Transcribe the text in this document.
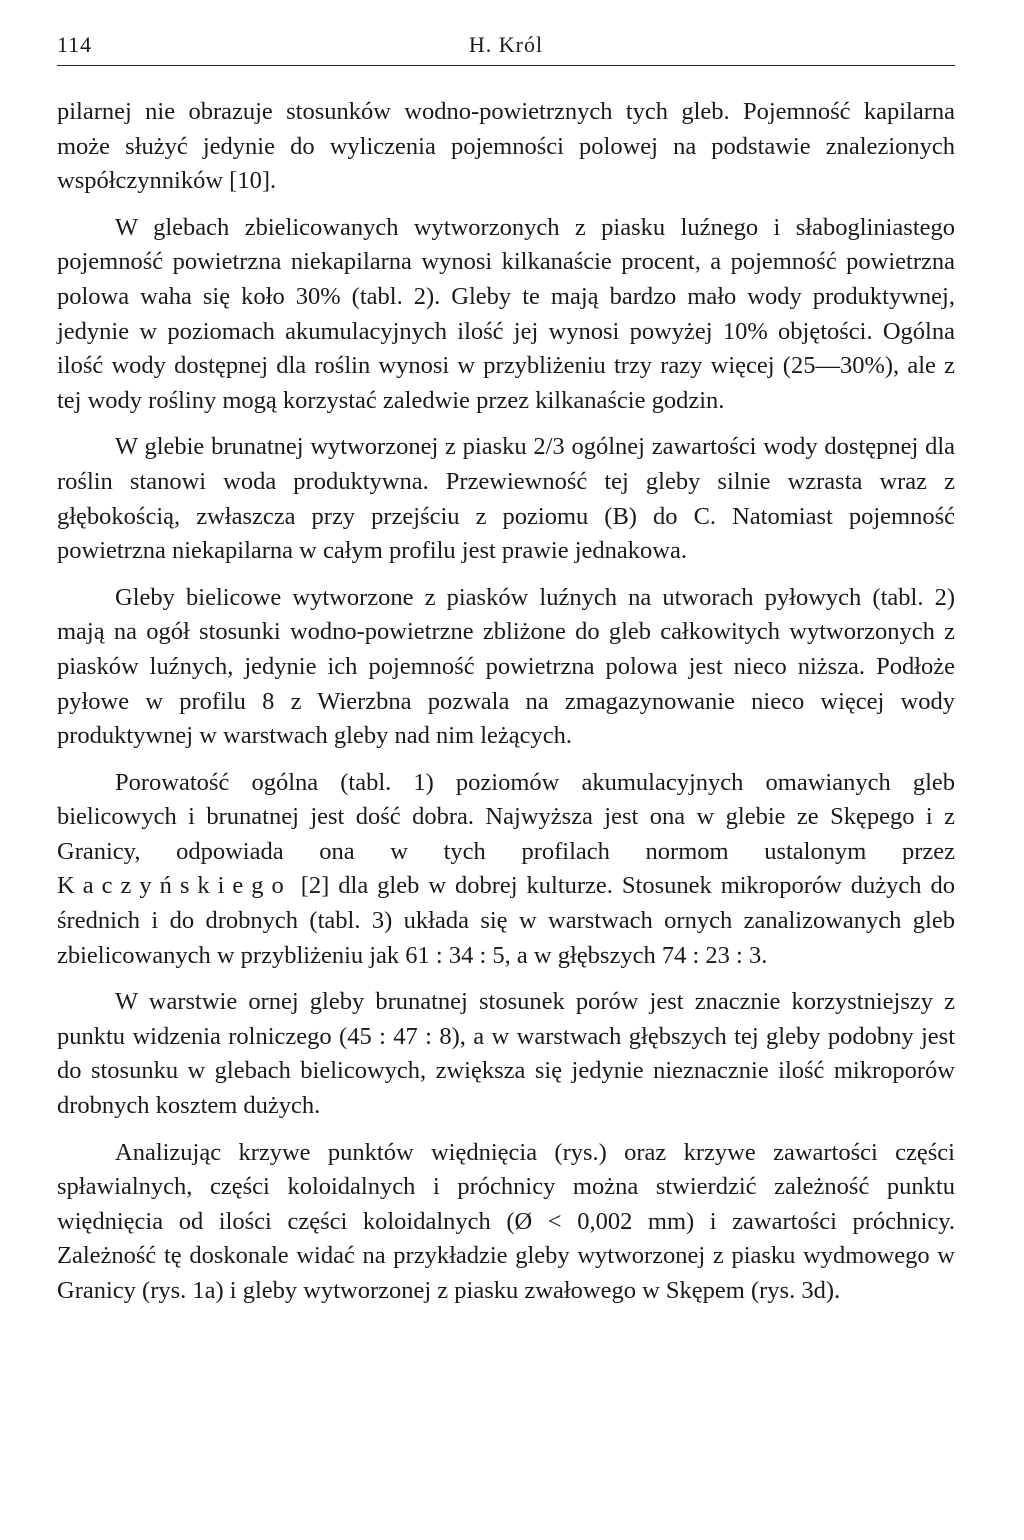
114	H. Król

pilarnej nie obrazuje stosunków wodno-powietrznych tych gleb. Pojemność kapilarna może służyć jedynie do wyliczenia pojemności polowej na podstawie znalezionych współczynników [10].

W glebach zbielicowanych wytworzonych z piasku luźnego i słabogliniastego pojemność powietrzna niekapilarna wynosi kilkanaście procent, a pojemność powietrzna polowa waha się koło 30% (tabl. 2). Gleby te mają bardzo mało wody produktywnej, jedynie w poziomach akumulacyjnych ilość jej wynosi powyżej 10% objętości. Ogólna ilość wody dostępnej dla roślin wynosi w przybliżeniu trzy razy więcej (25—30%), ale z tej wody rośliny mogą korzystać zaledwie przez kilkanaście godzin.

W glebie brunatnej wytworzonej z piasku 2/3 ogólnej zawartości wody dostępnej dla roślin stanowi woda produktywna. Przewiewność tej gleby silnie wzrasta wraz z głębokością, zwłaszcza przy przejściu z poziomu (B) do C. Natomiast pojemność powietrzna niekapilarna w całym profilu jest prawie jednakowa.

Gleby bielicowe wytworzone z piasków luźnych na utworach pyłowych (tabl. 2) mają na ogół stosunki wodno-powietrzne zbliżone do gleb całkowitych wytworzonych z piasków luźnych, jedynie ich pojemność powietrzna polowa jest nieco niższa. Podłoże pyłowe w profilu 8 z Wierzbna pozwala na zmagazynowanie nieco więcej wody produktywnej w warstwach gleby nad nim leżących.

Porowatość ogólna (tabl. 1) poziomów akumulacyjnych omawianych gleb bielicowych i brunatnej jest dość dobra. Najwyższa jest ona w glebie ze Skępego i z Granicy, odpowiada ona w tych profilach normom ustalonym przez Kaczyńskiego [2] dla gleb w dobrej kulturze. Stosunek mikroporów dużych do średnich i do drobnych (tabl. 3) układa się w warstwach ornych zanalizowanych gleb zbielicowanych w przybliżeniu jak 61 : 34 : 5, a w głębszych 74 : 23 : 3.

W warstwie ornej gleby brunatnej stosunek porów jest znacznie korzystniejszy z punktu widzenia rolniczego (45 : 47 : 8), a w warstwach głębszych tej gleby podobny jest do stosunku w glebach bielicowych, zwiększa się jedynie nieznacznie ilość mikroporów drobnych kosztem dużych.

Analizując krzywe punktów więdnięcia (rys.) oraz krzywe zawartości części spławialnych, części koloidalnych i próchnicy można stwierdzić zależność punktu więdnięcia od ilości części koloidalnych (Ø < 0,002 mm) i zawartości próchnicy. Zależność tę doskonale widać na przykładzie gleby wytworzonej z piasku wydmowego w Granicy (rys. 1a) i gleby wytworzonej z piasku zwałowego w Skępem (rys. 3d).
